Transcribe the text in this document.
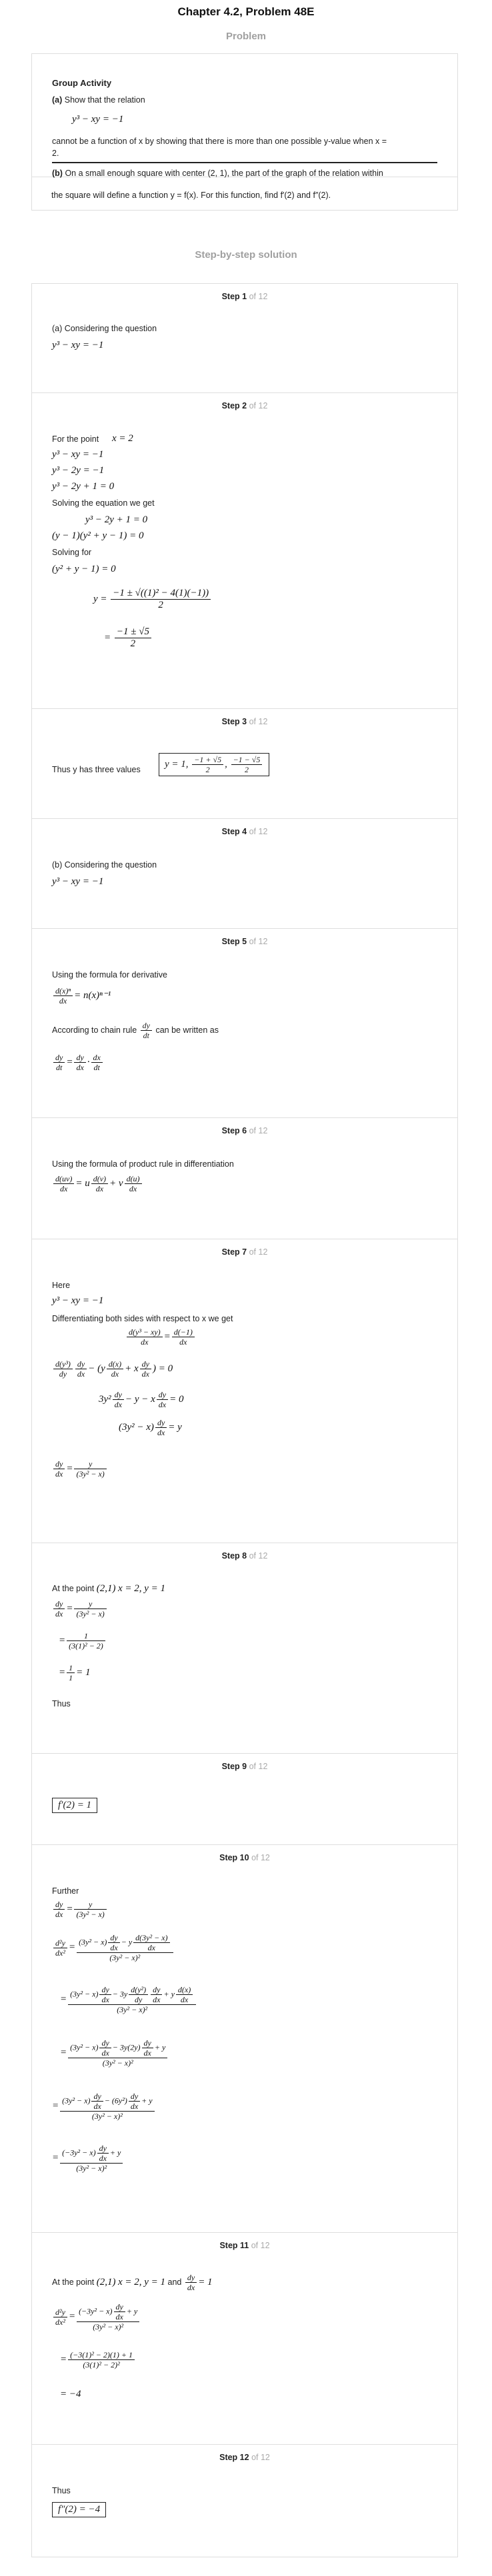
Chapter 4.2, Problem 48E
Problem
Group Activity
(a) Show that the relation
y³ − xy = −1
cannot be a function of x by showing that there is more than one possible y-value when x =
2.
(b) On a small enough square with center (2, 1), the part of the graph of the relation within
the square will define a function y = f(x). For this function, find f′(2) and f″(2).
Step-by-step solution
Step 1 of 12
(a) Considering the question
y³ − xy = −1
Step 2 of 12
For the point x = 2
y³ − xy = −1
y³ − 2y = −1
y³ − 2y + 1 = 0
Solving the equation we get
y³ − 2y + 1 = 0
(y − 1)(y² + y − 1) = 0
Solving for
(y² + y − 1) = 0
$y = \frac{\text{−1 ± √((1)² − 4(1)(−1))}}{2}$
= $\frac{-1 \pm √5}{2}$
Step 3 of 12
Thus y has three values
y = 1, $\frac{-1 + √5}{2}$ , $\frac{-1 - √5}{2}$
Step 4 of 12
(b) Considering the question
y³ − xy = −1
Step 5 of 12
Using the formula for derivative
$\frac{\text{d(x)ⁿ}}{dx} = n(x)^{n-1}$
According to chain rule $\frac{dy}{dt}$ can be written as
$\frac{dy}{dt} = \frac{dy}{dx} \cdot \frac{dx}{dt}$
Step 6 of 12
Using the formula of product rule in differentiation
$\frac{d(uv)}{dx} = u \frac{d(v)}{dx} + v \frac{d(u)}{dx}$
Step 7 of 12
Here
y³ − xy = −1
Differentiating both sides with respect to x we get
$\frac{\text{d(y³ − xy)}}{dx} = \frac{d(-1)}{dx}$
$\frac{\text{d(y³)}}{dy} \frac{dy}{dx} - (y \frac{d(x)}{dx} + x \frac{dy}{dx}$ ) = 0
$3y^2 \frac{dy}{dx} - y - x \frac{dy}{dx} = 0$
$(3y^2 - x) \frac{dy}{dx} = y$
$\frac{dy}{dx} = \frac{y}{\text{(3y² − x)}}$
Step 8 of 12
At the point (2,1) x = 2, y = 1
$\frac{dy}{dx} = \frac{y}{\text{(3y² − x)}}$
= $\frac{1}{\text{(3(1)² − 2)}}$
= $\frac{1}{1} = 1$
Thus
Step 9 of 12
f′(2) = 1
Step 10 of 12
Further
$\frac{dy}{dx} = \frac{y}{\text{(3y² − x)}}$
$\frac{\text{d²y}}{\text{dx²}} = \frac{(3y^2 - x) \frac{dy}{dx} - y \frac{\text{d(3y² − x)}}{dx}}{\text{(3y² − x)²}}$
= $\frac{(3y^2 - x) \frac{dy}{dx} - 3y \frac{\text{d(y²)}}{dy} \frac{dy}{dx} + y \frac{d(x)}{dx}}{\text{(3y² − x)²}}$
= $\frac{(3y^2 - x) \frac{dy}{dx} - 3y(2y) \frac{dy}{dx} + y}{\text{(3y² − x)²}}$
= $\frac{(3y^2 - x) \frac{dy}{dx} - (6y^2) \frac{dy}{dx} + y}{\text{(3y² − x)²}}$
= $\frac{(-3y^2 - x) \frac{dy}{dx} + y}{\text{(3y² − x)²}}$
Step 11 of 12
At the point (2,1) x = 2, y = 1 and $\frac{dy}{dx} = 1$
$\frac{\text{d²y}}{\text{dx²}} = \frac{(-3y^2 - x) \frac{dy}{dx} + y}{\text{(3y² − x)²}}$
= $\frac{\text{(−3(1)² − 2)(1) + 1}}{\text{(3(1)² − 2)²}}$
= −4
Step 12 of 12
Thus
f″(2) = −4
